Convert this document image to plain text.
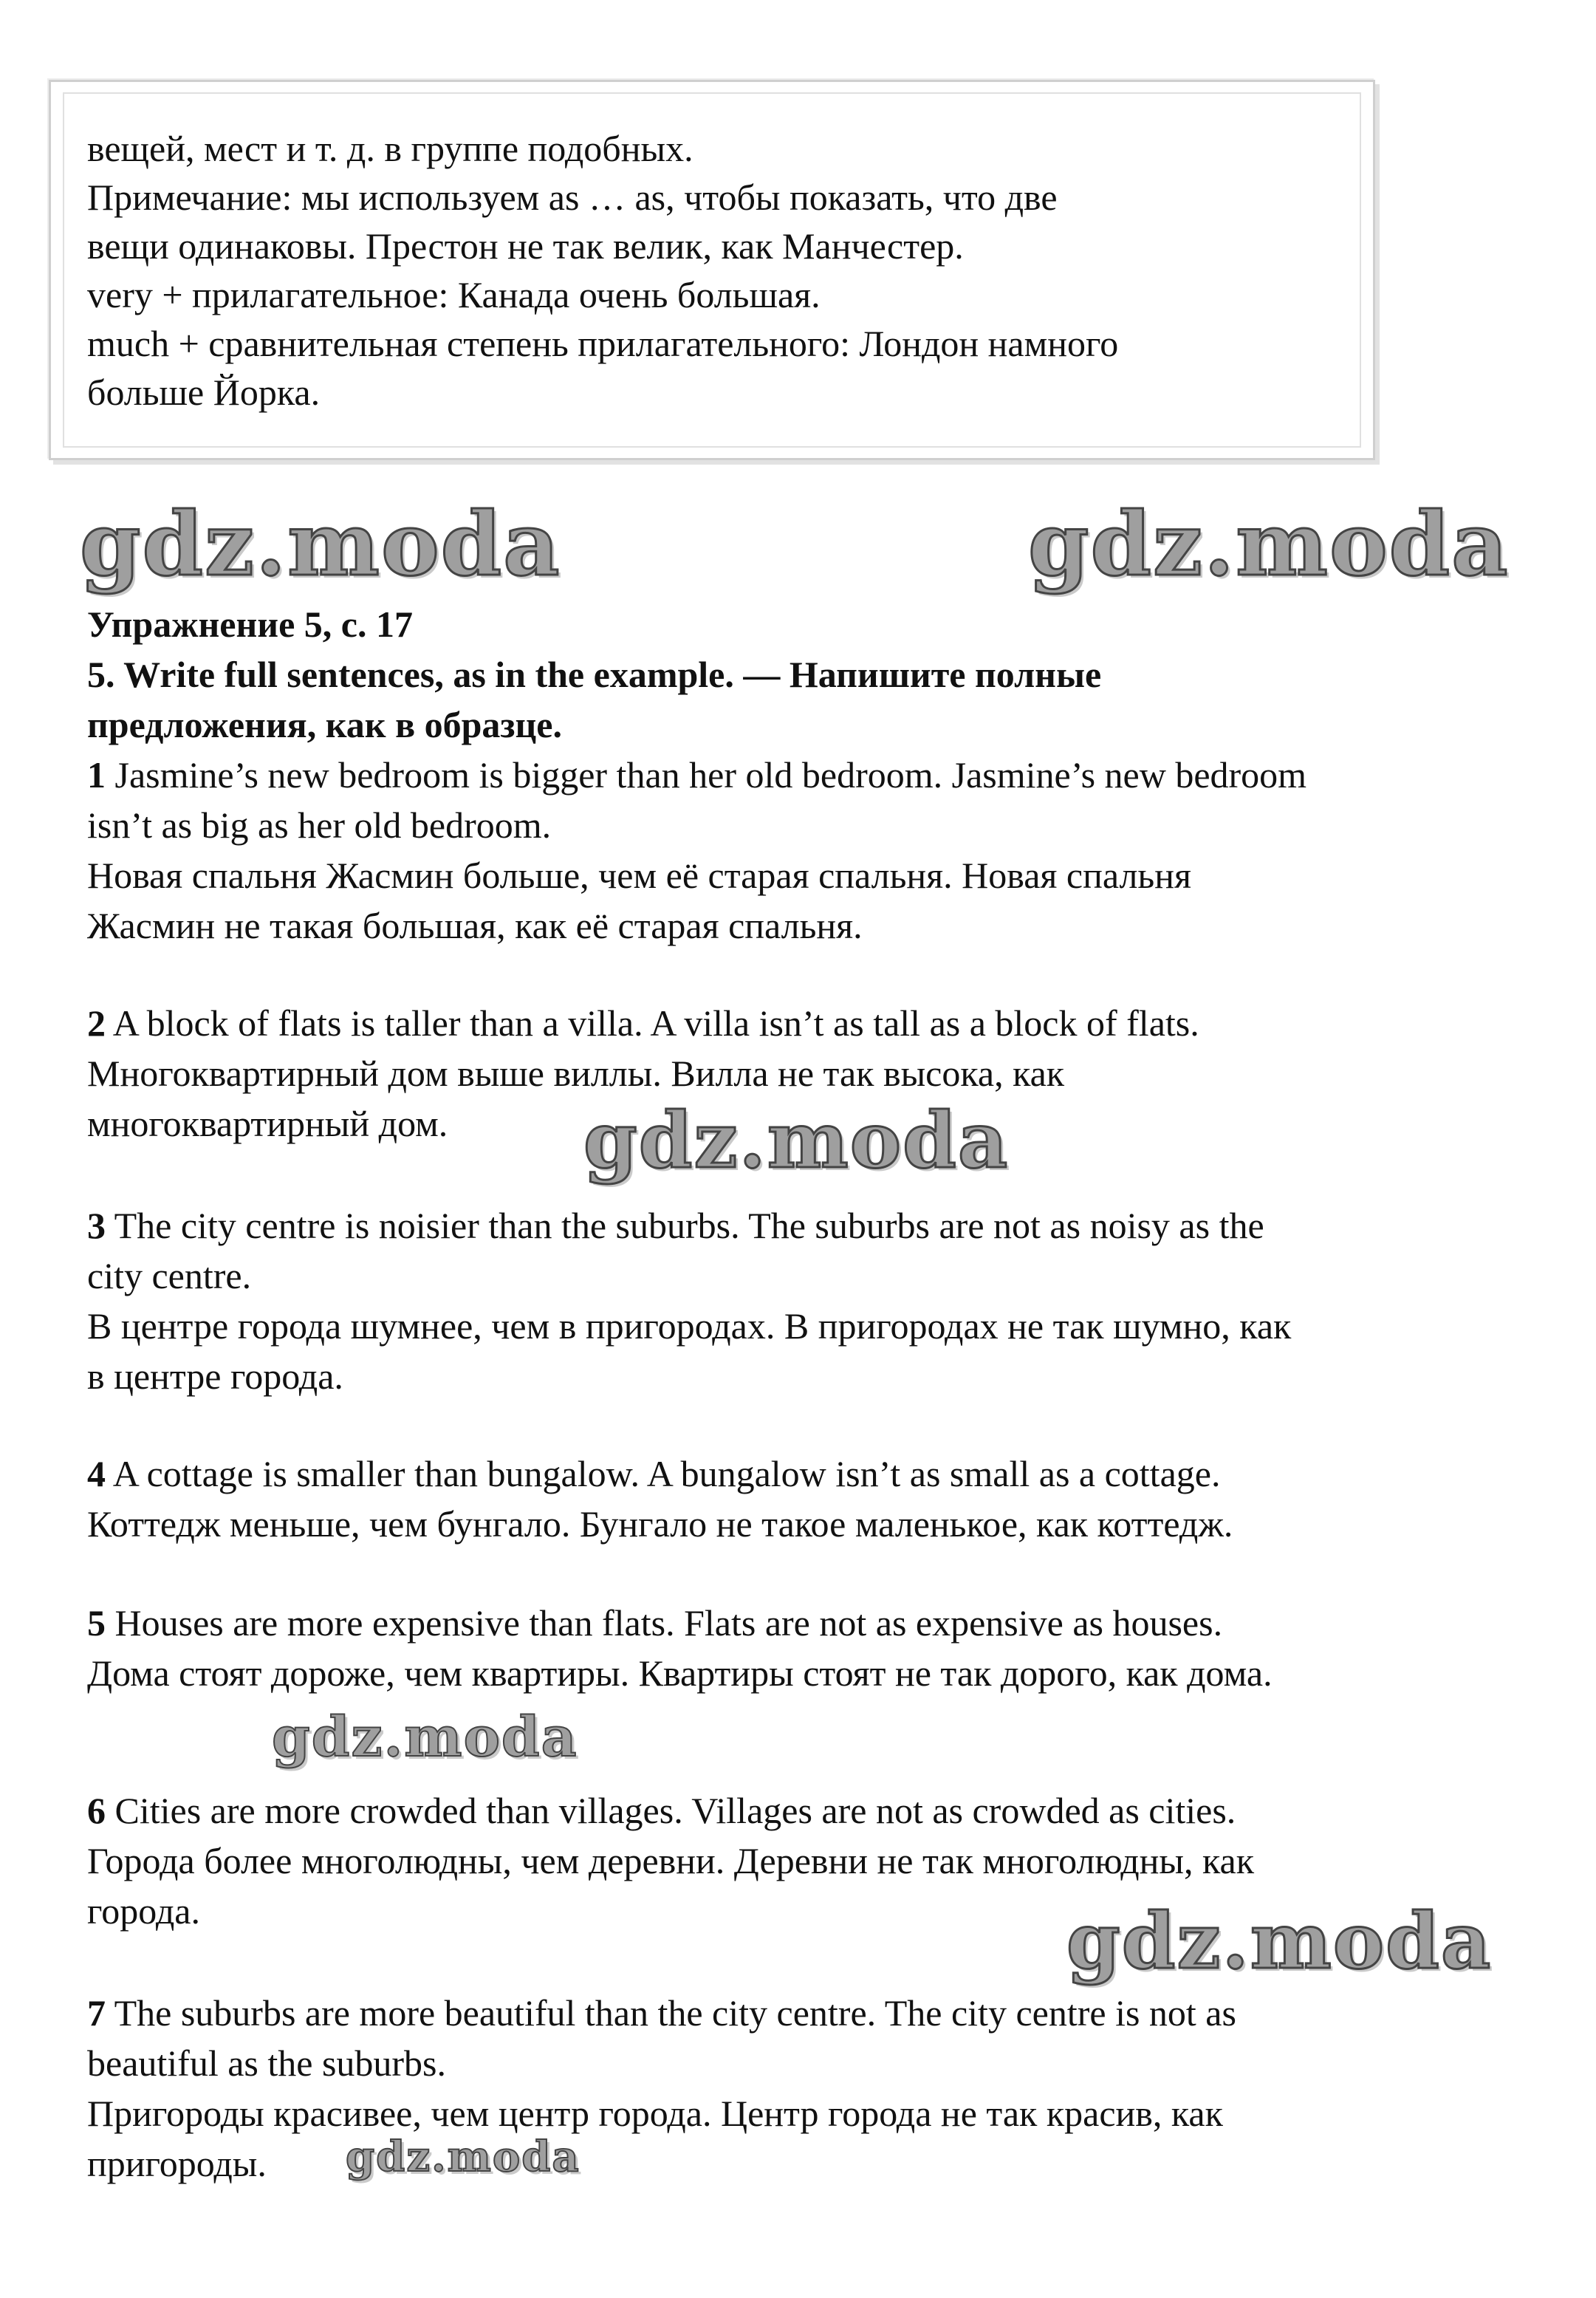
вещей, мест и т. д. в группе подобных.
Примечание: мы используем as … as, чтобы показать, что две
вещи одинаковы. Престон не так велик, как Манчестер.
very + прилагательное: Канада очень большая.
much + сравнительная степень прилагательного: Лондон намного
больше Йорка.
gdz.moda	gdz.moda
Упражнение 5, с. 17
5. Write full sentences, as in the example. — Напишите полные
предложения, как в образце.
1 Jasmine’s new bedroom is bigger than her old bedroom. Jasmine’s new bedroom
isn’t as big as her old bedroom.
Новая спальня Жасмин больше, чем её старая спальня. Новая спальня
Жасмин не такая большая, как её старая спальня.
2 A block of flats is taller than a villa. A villa isn’t as tall as a block of flats.
Многоквартирный дом выше виллы. Вилла не так высока, как
многоквартирный дом. gdz.moda
3 The city centre is noisier than the suburbs. The suburbs are not as noisy as the
city centre.
В центре города шумнее, чем в пригородах. В пригородах не так шумно, как
в центре города.
4 A cottage is smaller than bungalow. A bungalow isn’t as small as a cottage.
Коттедж меньше, чем бунгало. Бунгало не такое маленькое, как коттедж.
5 Houses are more expensive than flats. Flats are not as expensive as houses.
Дома стоят дороже, чем квартиры. Квартиры стоят не так дорого, как дома.
gdz.moda
6 Cities are more crowded than villages. Villages are not as crowded as cities.
Города более многолюдны, чем деревни. Деревни не так многолюдны, как
города.	gdz.moda
7 The suburbs are more beautiful than the city centre. The city centre is not as
beautiful as the suburbs.
Пригороды красивее, чем центр города. Центр города не так красив, как
пригороды. gdz.moda
